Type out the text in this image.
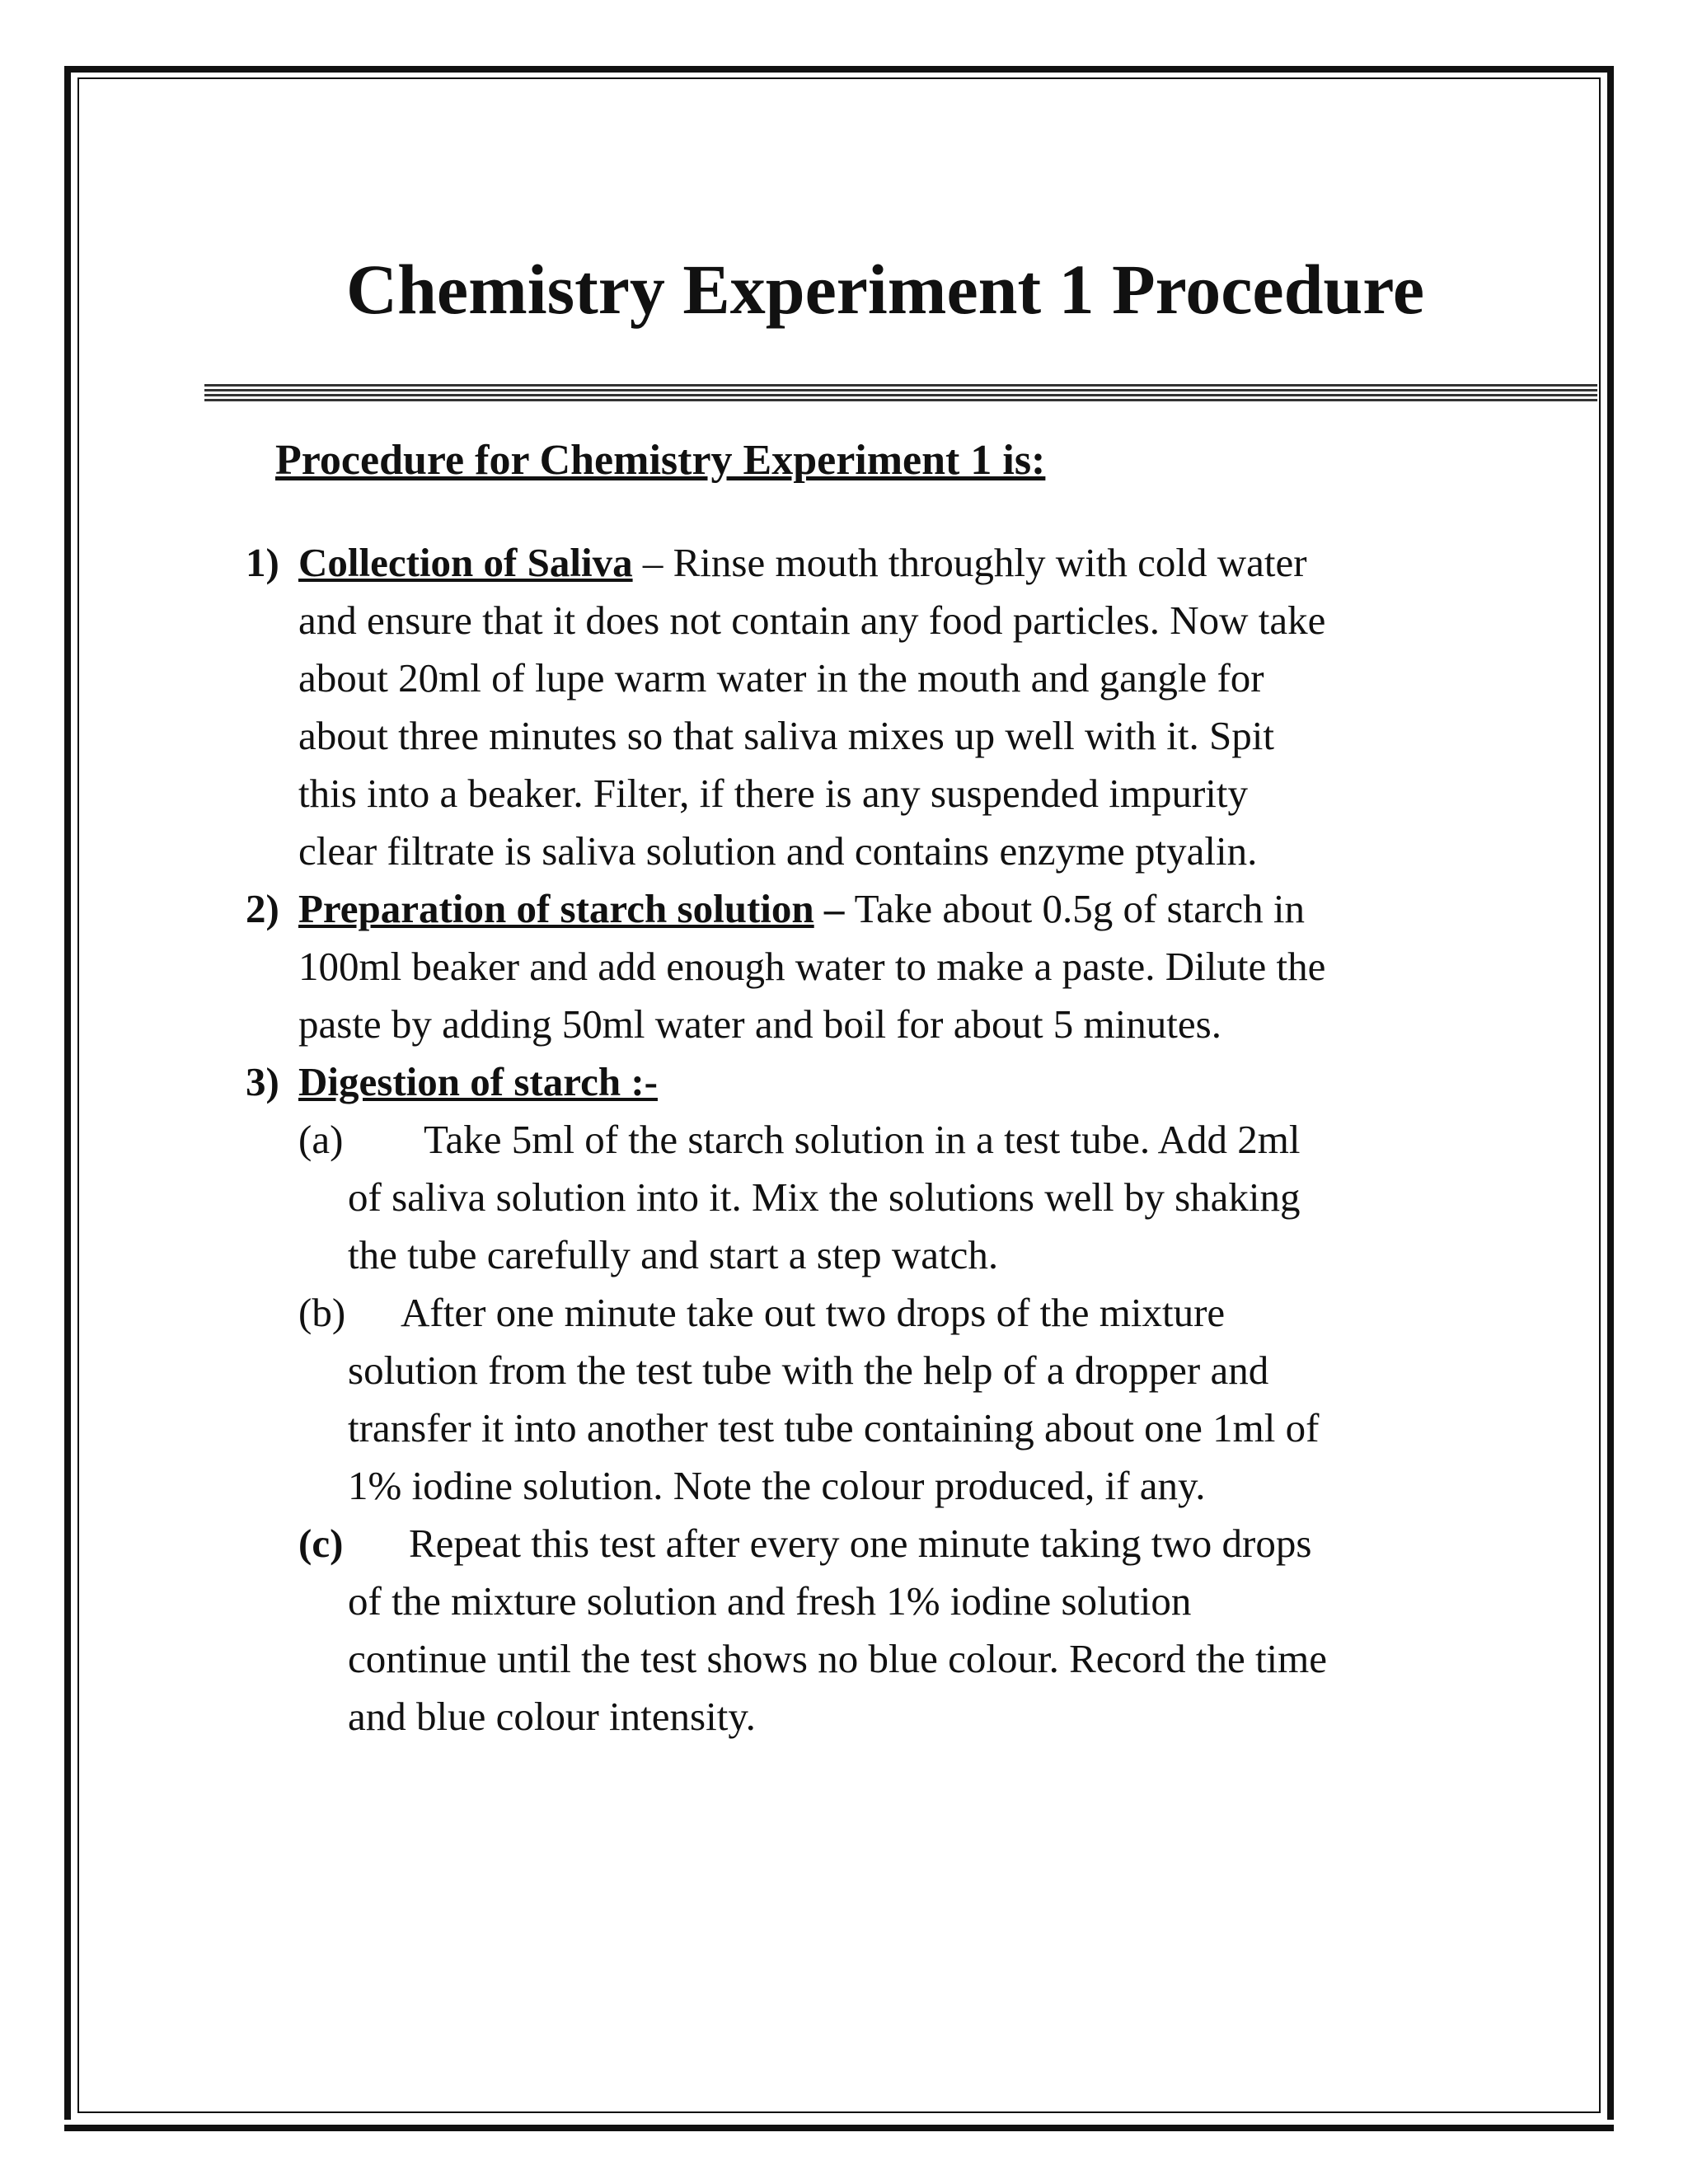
Chemistry Experiment 1 Procedure
Procedure for Chemistry Experiment 1 is:
1) Collection of Saliva – Rinse mouth throughly with cold water and ensure that it does not contain any food particles. Now take about 20ml of lupe warm water in the mouth and gangle for about three minutes so that saliva mixes up well with it. Spit this into a beaker. Filter, if there is any suspended impurity clear filtrate is saliva solution and contains enzyme ptyalin.
2) Preparation of starch solution – Take about 0.5g of starch in 100ml beaker and add enough water to make a paste. Dilute the paste by adding 50ml water and boil for about 5 minutes.
3) Digestion of starch :-
(a) Take 5ml of the starch solution in a test tube. Add 2ml of saliva solution into it. Mix the solutions well by shaking the tube carefully and start a step watch.
(b) After one minute take out two drops of the mixture solution from the test tube with the help of a dropper and transfer it into another test tube containing about one 1ml of 1% iodine solution. Note the colour produced, if any.
(c) Repeat this test after every one minute taking two drops of the mixture solution and fresh 1% iodine solution continue until the test shows no blue colour. Record the time and blue colour intensity.
